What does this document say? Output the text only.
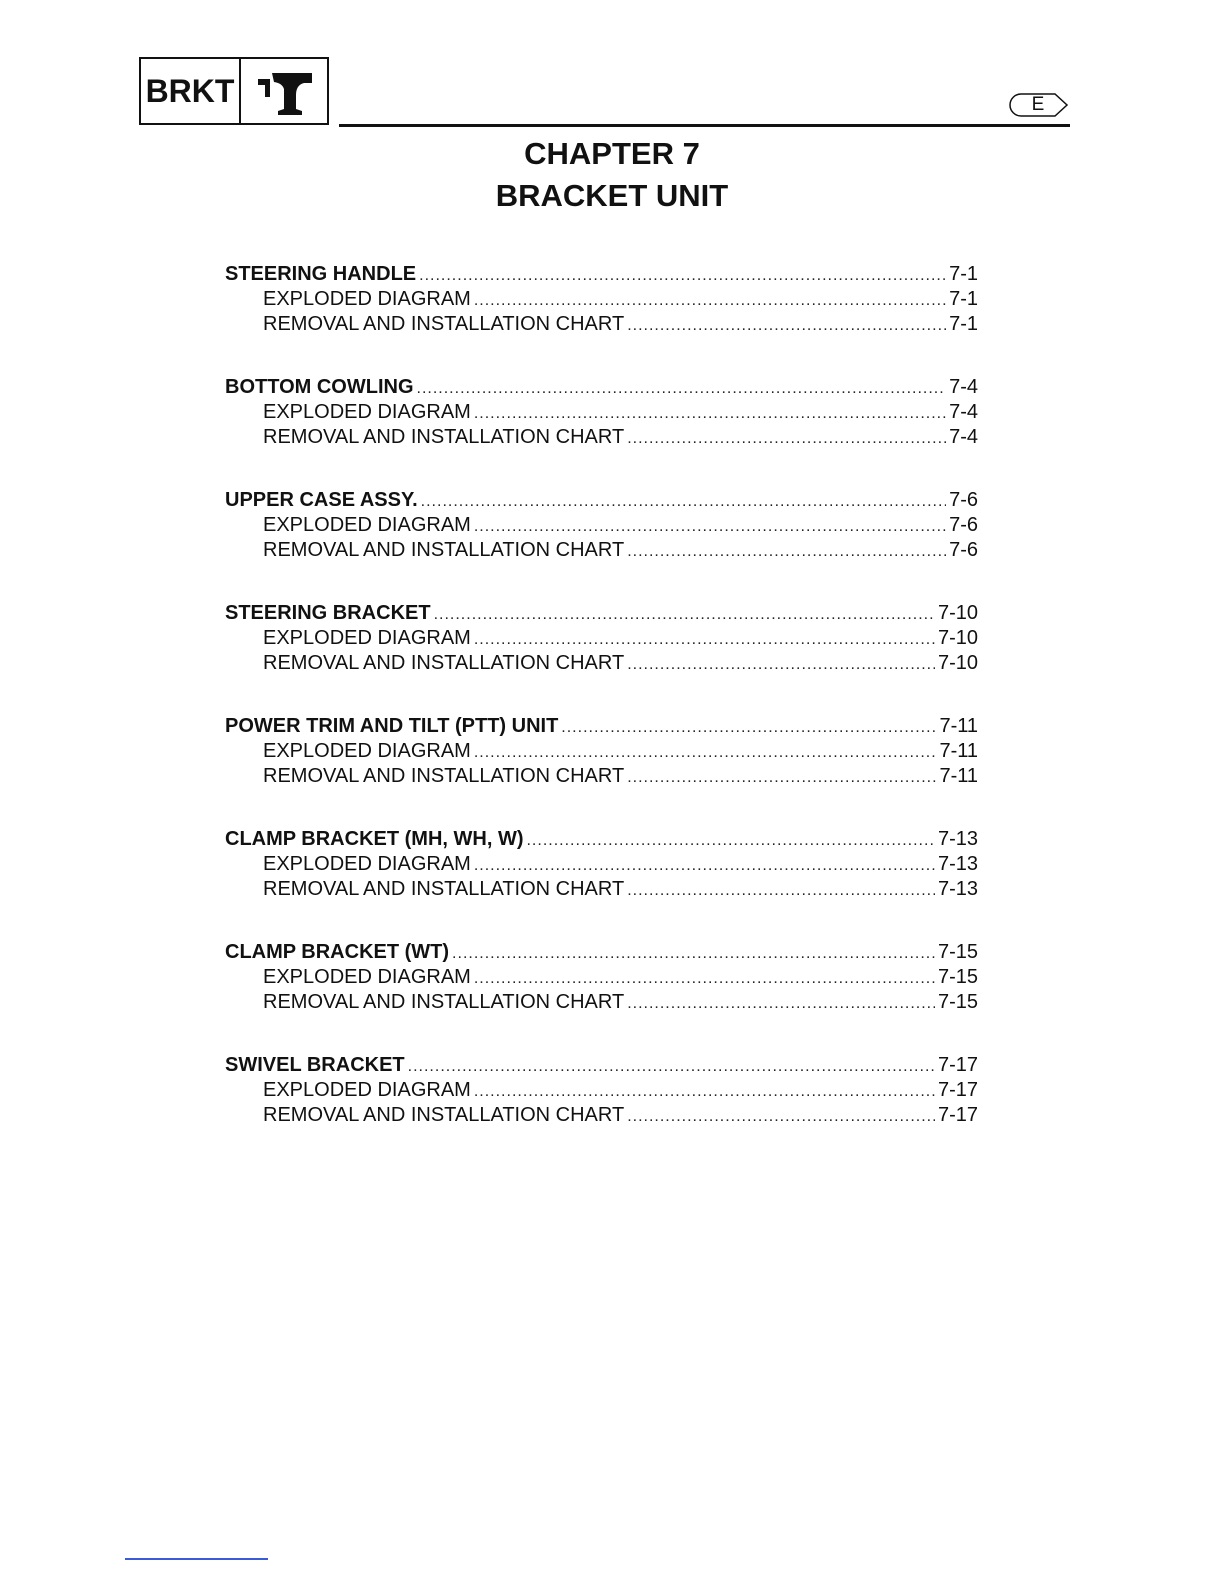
BRKT	E
CHAPTER 7
BRACKET UNIT
STEERING HANDLE .....	7-1
EXPLODED DIAGRAM .....	7-1
REMOVAL AND INSTALLATION CHART .....	7-1
BOTTOM COWLING .....	7-4
EXPLODED DIAGRAM .....	7-4
REMOVAL AND INSTALLATION CHART .....	7-4
UPPER CASE ASSY. .....	7-6
EXPLODED DIAGRAM .....	7-6
REMOVAL AND INSTALLATION CHART .....	7-6
STEERING BRACKET .....	7-10
EXPLODED DIAGRAM .....	7-10
REMOVAL AND INSTALLATION CHART .....	7-10
POWER TRIM AND TILT (PTT) UNIT .....	7-11
EXPLODED DIAGRAM .....	7-11
REMOVAL AND INSTALLATION CHART .....	7-11
CLAMP BRACKET (MH, WH, W) .....	7-13
EXPLODED DIAGRAM .....	7-13
REMOVAL AND INSTALLATION CHART .....	7-13
CLAMP BRACKET (WT) .....	7-15
EXPLODED DIAGRAM .....	7-15
REMOVAL AND INSTALLATION CHART .....	7-15
SWIVEL BRACKET .....	7-17
EXPLODED DIAGRAM .....	7-17
REMOVAL AND INSTALLATION CHART .....	7-17
